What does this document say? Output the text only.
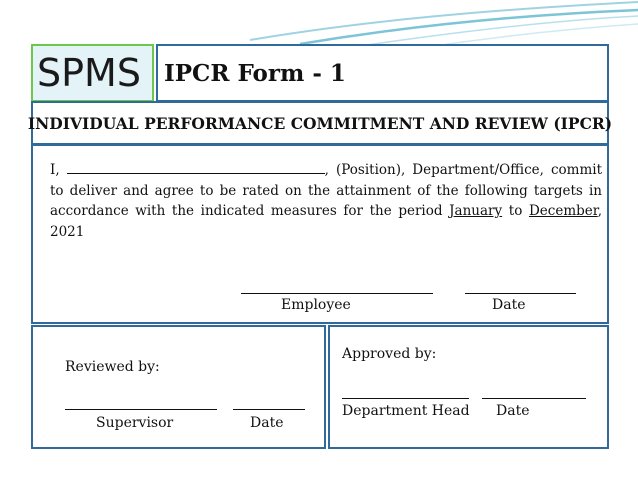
SPMS IPCR Form - 1
INDIVIDUAL PERFORMANCE COMMITMENT AND REVIEW (IPCR)
I,	, (Position), Department/Office, commit to deliver and agree to be rated on the attainment of the following targets in accordance with the indicated measures for the period January to December, 2021
Employee	Date
Reviewed by:
Supervisor	Date
Approved by:
Department Head Date
